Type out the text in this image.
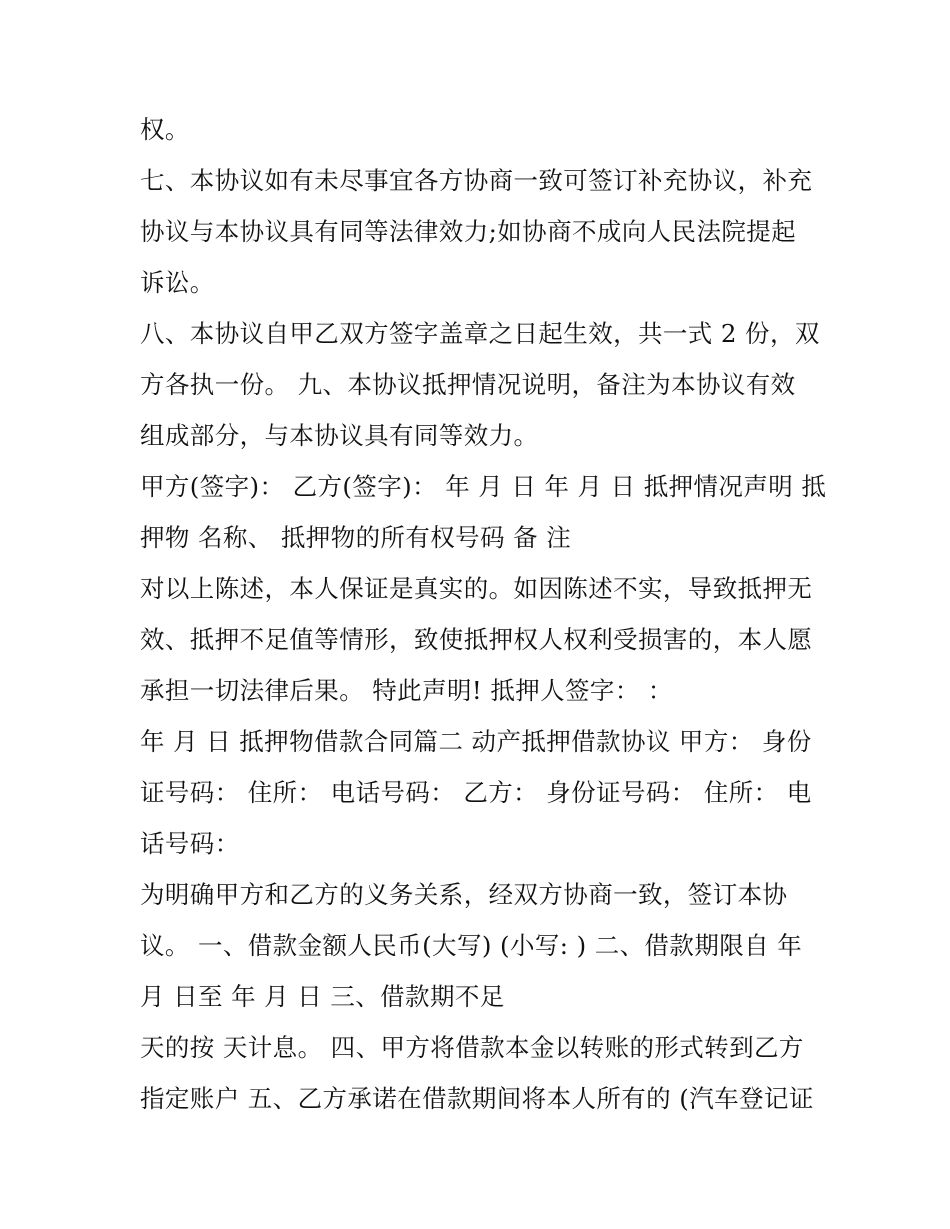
权。
七、本协议如有未尽事宜各方协商一致可签订补充协议，补充
协议与本协议具有同等法律效力;如协商不成向人民法院提起
诉讼。
八、本协议自甲乙双方签字盖章之日起生效，共一式 2 份，双
方各执一份。 九、本协议抵押情况说明，备注为本协议有效
组成部分，与本协议具有同等效力。
甲方(签字)： 乙方(签字)： 年 月 日 年 月 日 抵押情况声明 抵
押物 名称、 抵押物的所有权号码 备 注
对以上陈述，本人保证是真实的。如因陈述不实，导致抵押无
效、抵押不足值等情形，致使抵押权人权利受损害的，本人愿
承担一切法律后果。 特此声明! 抵押人签字： ：
年 月 日 抵押物借款合同篇二 动产抵押借款协议 甲方： 身份
证号码： 住所： 电话号码： 乙方： 身份证号码： 住所： 电
话号码：
为明确甲方和乙方的义务关系，经双方协商一致，签订本协
议。 一、借款金额人民币(大写) (小写: ) 二、借款期限自 年
月 日至 年 月 日 三、借款期不足
天的按 天计息。 四、甲方将借款本金以转账的形式转到乙方
指定账户 五、乙方承诺在借款期间将本人所有的 (汽车登记证
